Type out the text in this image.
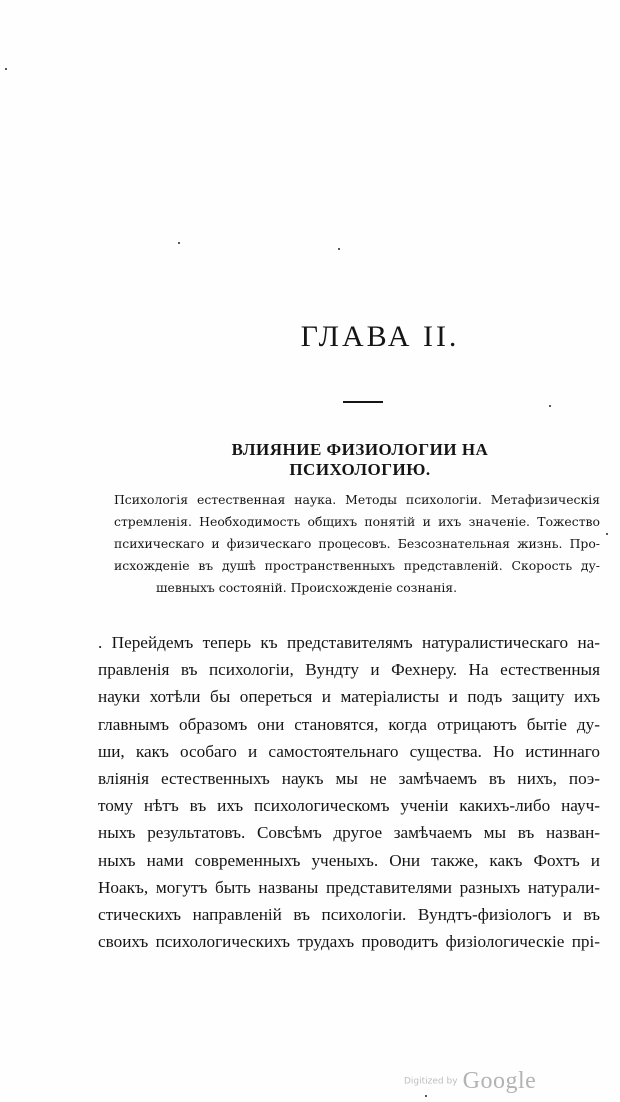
ГЛАВА II.
ВЛИЯНИЕ ФИЗИОЛОГИИ НА ПСИХОЛОГИЮ.
Психологія естественная наука. Методы психологіи. Метафизическія
стремленія. Необходимость общихъ понятій и ихъ значеніе. Тожество
психическаго и физическаго процесовъ. Безсознательная жизнь. Про-
исхожденіе въ душѣ пространственныхъ представленій. Скорость ду-
шевныхъ состояній. Происхожденіе сознанія.
. Перейдемъ теперь къ представителямъ натуралистическаго на-
правленія въ психологіи, Вундту и Фехнеру. На естественныя
науки хотѣли бы опереться и матеріалисты и подъ защиту ихъ
главнымъ образомъ они становятся, когда отрицаютъ бытіе ду-
ши, какъ особаго и самостоятельнаго существа. Но истиннаго
вліянія естественныхъ наукъ мы не замѣчаемъ въ нихъ, поэ-
тому нѣтъ въ ихъ психологическомъ ученіи какихъ-либо науч-
ныхъ результатовъ. Совсѣмъ другое замѣчаемъ мы въ назван-
ныхъ нами современныхъ ученыхъ. Они также, какъ Фохтъ и
Ноакъ, могутъ быть названы представителями разныхъ натурали-
стическихъ направленій въ психологіи. Вундтъ-физіологъ и въ
своихъ психологическихъ трудахъ проводитъ физіологическіе прі-
Digitized by Google
